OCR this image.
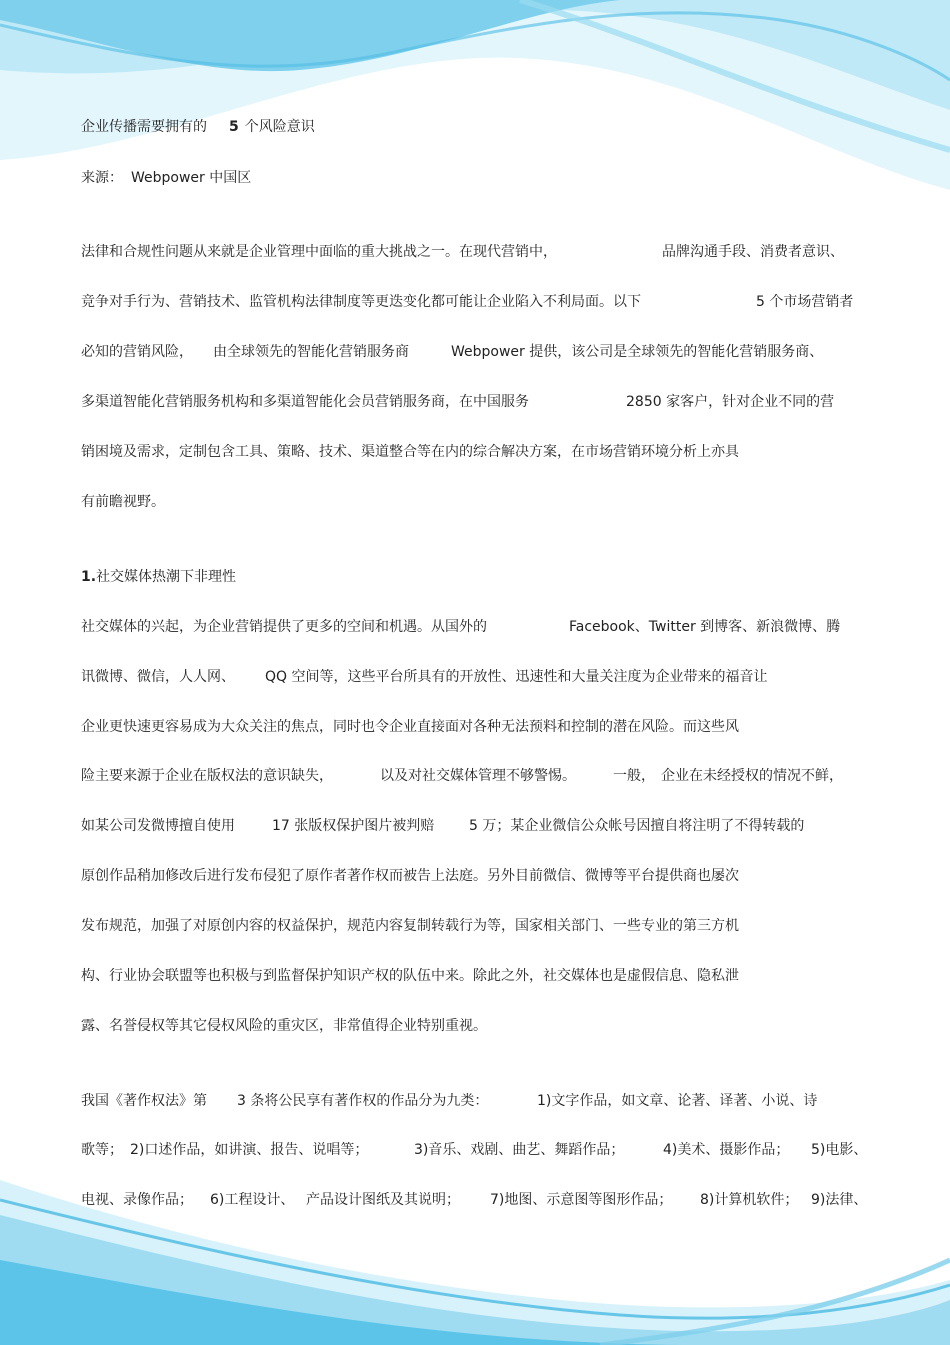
企业传播需要拥有的 5 个风险意识
来源： Webpower 中国区
法律和合规性问题从来就是企业管理中面临的重大挑战之一。在现代营销中，	品牌沟通手段、消费者意识、
竞争对手行为、营销技术、监管机构法律制度等更迭变化都可能让企业陷入不利局面。以下	5 个市场营销者
必知的营销风险， 由全球领先的智能化营销服务商	Webpower 提供，该公司是全球领先的智能化营销服务商、
多渠道智能化营销服务机构和多渠道智能化会员营销服务商，在中国服务	2850 家客户，针对企业不同的营
销困境及需求，定制包含工具、策略、技术、渠道整合等在内的综合解决方案，在市场营销环境分析上亦具
有前瞻视野。
1.社交媒体热潮下非理性
社交媒体的兴起，为企业营销提供了更多的空间和机遇。从国外的	Facebook、Twitter 到博客、新浪微博、腾
讯微博、微信，人人网、 QQ 空间等，这些平台所具有的开放性、迅速性和大量关注度为企业带来的福音让
企业更快速更容易成为大众关注的焦点，同时也令企业直接面对各种无法预料和控制的潜在风险。而这些风
险主要来源于企业在版权法的意识缺失，	以及对社交媒体管理不够警惕。	一般， 企业在未经授权的情况不鲜，
如某公司发微博擅自使用	17 张版权保护图片被判赔 5 万；某企业微信公众帐号因擅自将注明了不得转载的
原创作品稍加修改后进行发布侵犯了原作者著作权而被告上法庭。另外目前微信、微博等平台提供商也屡次
发布规范，加强了对原创内容的权益保护，规范内容复制转载行为等，国家相关部门、一些专业的第三方机
构、行业协会联盟等也积极与到监督保护知识产权的队伍中来。除此之外，社交媒体也是虚假信息、隐私泄
露、名誉侵权等其它侵权风险的重灾区，非常值得企业特别重视。
我国《著作权法》第 3 条将公民享有著作权的作品分为九类：	1)文字作品，如文章、论著、译著、小说、诗
歌等； 2)口述作品，如讲演、报告、说唱等；	3)音乐、戏剧、曲艺、舞蹈作品；	4)美术、摄影作品； 5)电影、
电视、录像作品； 6)工程设计、 产品设计图纸及其说明； 7)地图、示意图等图形作品； 8)计算机软件； 9)法律、
